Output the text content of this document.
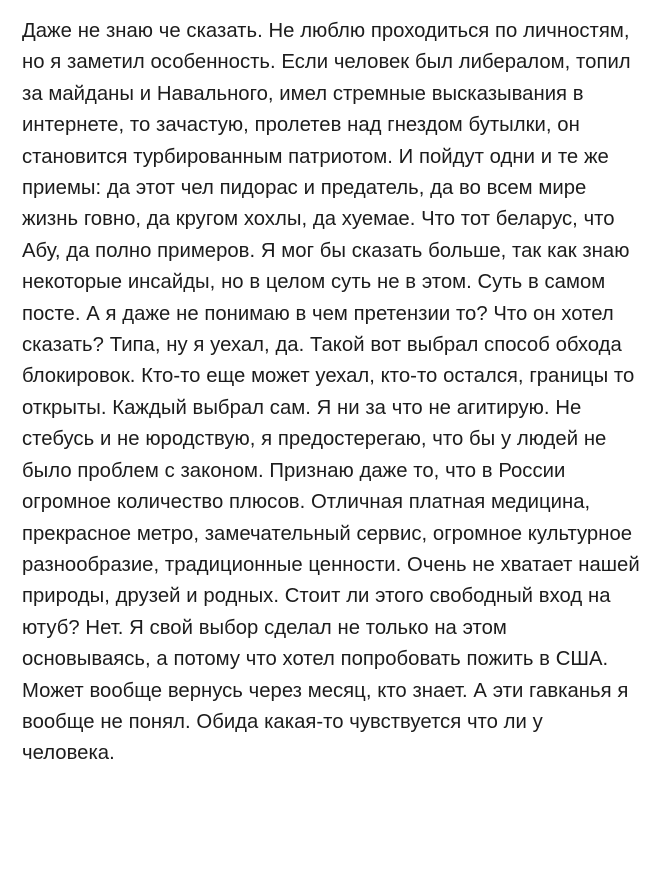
Даже не знаю че сказать. Не люблю проходиться по личностям, но я заметил особенность. Если человек был либералом, топил за майданы и Навального, имел стремные высказывания в интернете, то зачастую, пролетев над гнездом бутылки, он становится турбированным патриотом. И пойдут одни и те же приемы: да этот чел пидорас и предатель, да во всем мире жизнь говно, да кругом хохлы, да хуемае. Что тот беларус, что Абу, да полно примеров. Я мог бы сказать больше, так как знаю некоторые инсайды, но в целом суть не в этом. Суть в самом посте. А я даже не понимаю в чем претензии то? Что он хотел сказать? Типа, ну я уехал, да. Такой вот выбрал способ обхода блокировок. Кто-то еще может уехал, кто-то остался, границы то открыты. Каждый выбрал сам. Я ни за что не агитирую. Не стебусь и не юродствую, я предостерегаю, что бы у людей не было проблем с законом. Признаю даже то, что в России огромное количество плюсов. Отличная платная медицина, прекрасное метро, замечательный сервис, огромное культурное разнообразие, традиционные ценности. Очень не хватает нашей природы, друзей и родных. Стоит ли этого свободный вход на ютуб? Нет. Я свой выбор сделал не только на этом основываясь, а потому что хотел попробовать пожить в США. Может вообще вернусь через месяц, кто знает. А эти гавканья я вообще не понял. Обида какая-то чувствуется что ли у человека.
